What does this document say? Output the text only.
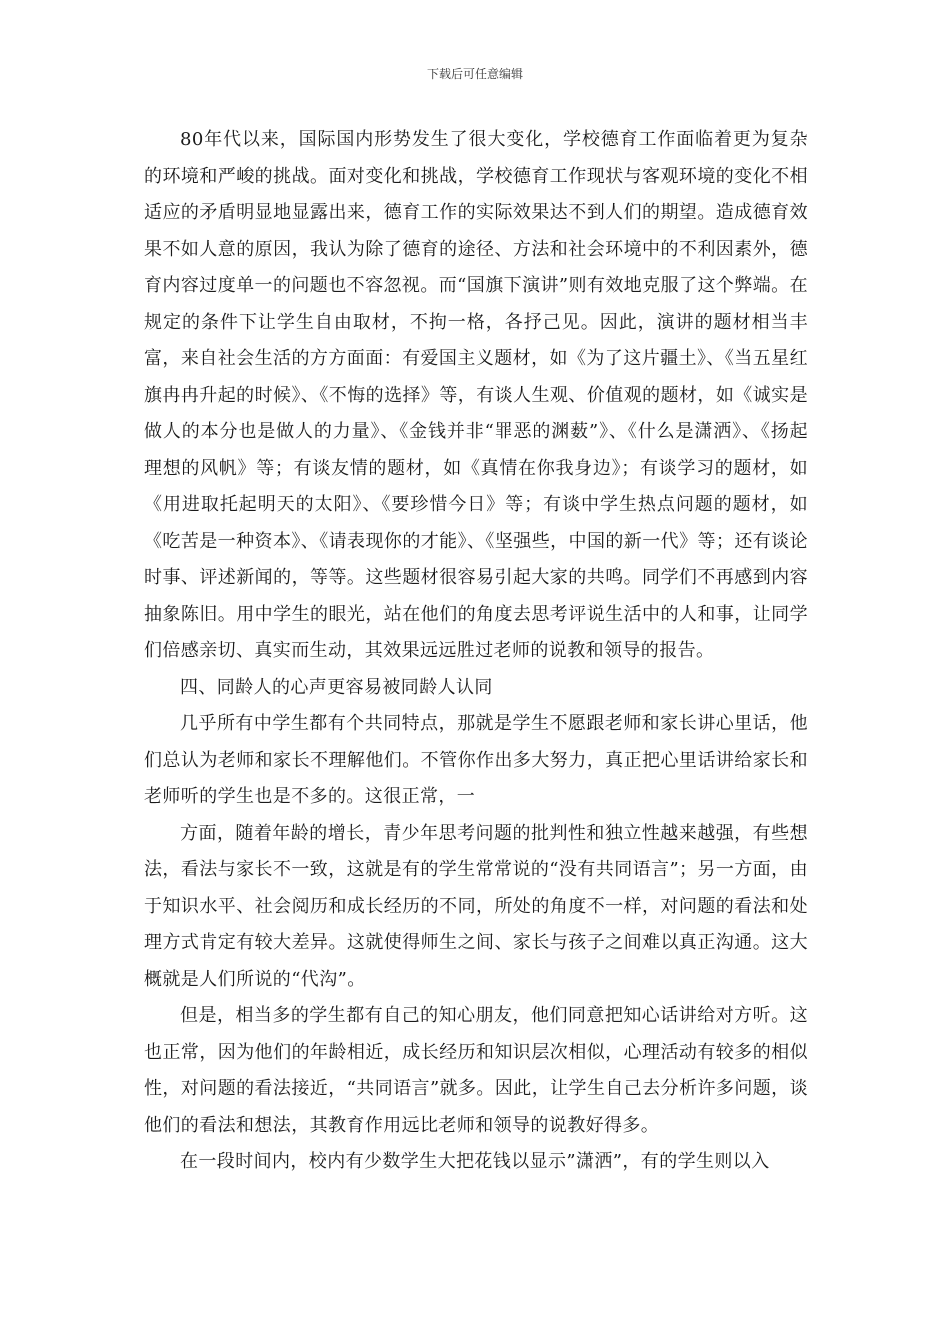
下载后可任意编辑

80年代以来，国际国内形势发生了很大变化，学校德育工作面临着更为复杂的环境和严峻的挑战。面对变化和挑战，学校德育工作现状与客观环境的变化不相适应的矛盾明显地显露出来，德育工作的实际效果达不到人们的期望。造成德育效果不如人意的原因，我认为除了德育的途径、方法和社会环境中的不利因素外，德育内容过度单一的问题也不容忽视。而“国旗下演讲”则有效地克服了这个弊端。在规定的条件下让学生自由取材，不拘一格，各抒己见。因此，演讲的题材相当丰富，来自社会生活的方方面面：有爱国主义题材，如《为了这片疆土》、《当五星红旗冉冉升起的时候》、《不悔的选择》等，有谈人生观、价值观的题材，如《诚实是做人的本分也是做人的力量》、《金钱并非“罪恶的渊薮”》、《什么是潇洒》、《扬起理想的风帆》等；有谈友情的题材，如《真情在你我身边》；有谈学习的题材，如《用进取托起明天的太阳》、《要珍惜今日》等；有谈中学生热点问题的题材，如《吃苦是一种资本》、《请表现你的才能》、《坚强些，中国的新一代》等；还有谈论时事、评述新闻的，等等。这些题材很容易引起大家的共鸣。同学们不再感到内容抽象陈旧。用中学生的眼光，站在他们的角度去思考评说生活中的人和事，让同学们倍感亲切、真实而生动，其效果远远胜过老师的说教和领导的报告。

四、同龄人的心声更容易被同龄人认同

几乎所有中学生都有个共同特点，那就是学生不愿跟老师和家长讲心里话，他们总认为老师和家长不理解他们。不管你作出多大努力，真正把心里话讲给家长和老师听的学生也是不多的。这很正常，一

方面，随着年龄的增长，青少年思考问题的批判性和独立性越来越强，有些想法，看法与家长不一致，这就是有的学生常常说的“没有共同语言”；另一方面，由于知识水平、社会阅历和成长经历的不同，所处的角度不一样，对问题的看法和处理方式肯定有较大差异。这就使得师生之间、家长与孩子之间难以真正沟通。这大概就是人们所说的“代沟”。

但是，相当多的学生都有自己的知心朋友，他们同意把知心话讲给对方听。这也正常，因为他们的年龄相近，成长经历和知识层次相似，心理活动有较多的相似性，对问题的看法接近，“共同语言”就多。因此，让学生自己去分析许多问题，谈他们的看法和想法，其教育作用远比老师和领导的说教好得多。

在一段时间内，校内有少数学生大把花钱以显示”潇洒”，有的学生则以入
